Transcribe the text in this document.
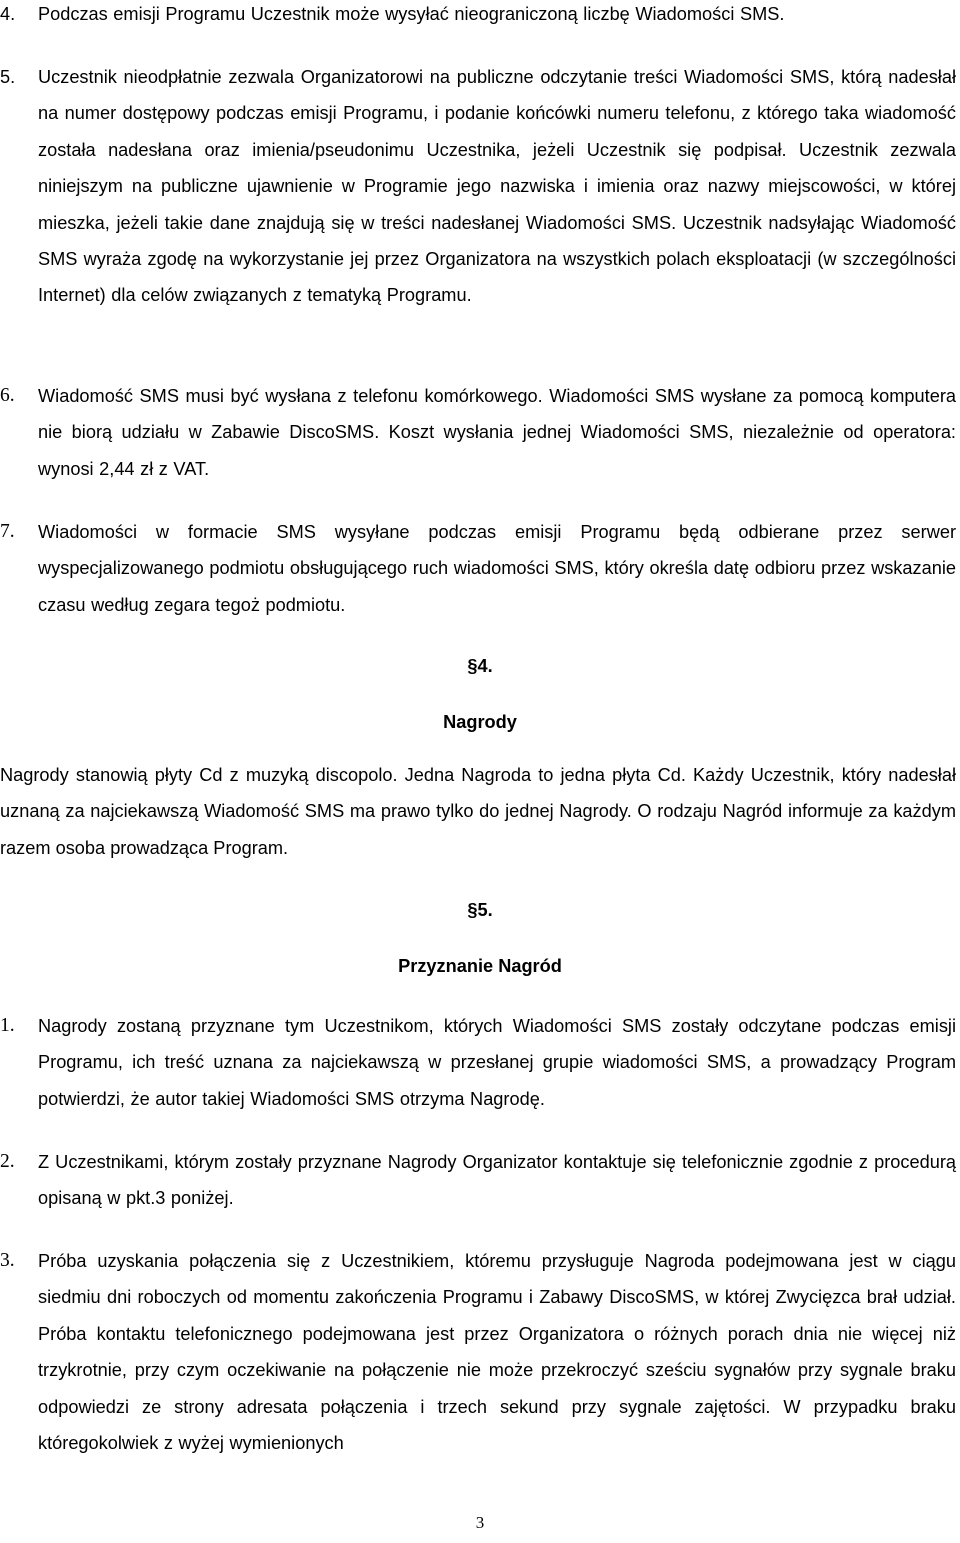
4. Podczas emisji Programu Uczestnik może wysyłać nieograniczoną liczbę Wiadomości SMS.
5. Uczestnik nieodpłatnie zezwala Organizatorowi na publiczne odczytanie treści Wiadomości SMS, którą nadesłał na numer dostępowy podczas emisji Programu, i podanie końcówki numeru telefonu, z którego taka wiadomość została nadesłana oraz imienia/pseudonimu Uczestnika, jeżeli Uczestnik się podpisał. Uczestnik zezwala niniejszym na publiczne ujawnienie w Programie jego nazwiska i imienia oraz nazwy miejscowości, w której mieszka, jeżeli takie dane znajdują się w treści nadesłanej Wiadomości SMS. Uczestnik nadsyłając Wiadomość SMS wyraża zgodę na wykorzystanie jej przez Organizatora na wszystkich polach eksploatacji (w szczególności Internet) dla celów związanych z tematyką Programu.
6. Wiadomość SMS musi być wysłana z telefonu komórkowego. Wiadomości SMS wysłane za pomocą komputera nie biorą udziału w Zabawie DiscoSMS. Koszt wysłania jednej Wiadomości SMS, niezależnie od operatora: wynosi 2,44 zł z VAT.
7. Wiadomości w formacie SMS wysyłane podczas emisji Programu będą odbierane przez serwer wyspecjalizowanego podmiotu obsługującego ruch wiadomości SMS, który określa datę odbioru przez wskazanie czasu według zegara tegoż podmiotu.
§4.
Nagrody
Nagrody stanowią płyty Cd z muzyką discopolo. Jedna Nagroda to jedna płyta Cd. Każdy Uczestnik, który nadesłał uznaną za najciekawszą Wiadomość SMS ma prawo tylko do jednej Nagrody. O rodzaju Nagród informuje za każdym razem osoba prowadząca Program.
§5.
Przyznanie Nagród
1. Nagrody zostaną przyznane tym Uczestnikom, których Wiadomości SMS zostały odczytane podczas emisji Programu, ich treść uznana za najciekawszą w przesłanej grupie wiadomości SMS, a prowadzący Program potwierdzi, że autor takiej Wiadomości SMS otrzyma Nagrodę.
2. Z Uczestnikami, którym zostały przyznane Nagrody Organizator kontaktuje się telefonicznie zgodnie z procedurą opisaną w pkt.3 poniżej.
3. Próba uzyskania połączenia się z Uczestnikiem, któremu przysługuje Nagroda podejmowana jest w ciągu siedmiu dni roboczych od momentu zakończenia Programu i Zabawy DiscoSMS, w której Zwycięzca brał udział. Próba kontaktu telefonicznego podejmowana jest przez Organizatora o różnych porach dnia nie więcej niż trzykrotnie, przy czym oczekiwanie na połączenie nie może przekroczyć sześciu sygnałów przy sygnale braku odpowiedzi ze strony adresata połączenia i trzech sekund przy sygnale zajętości. W przypadku braku któregokolwiek z wyżej wymienionych
3
